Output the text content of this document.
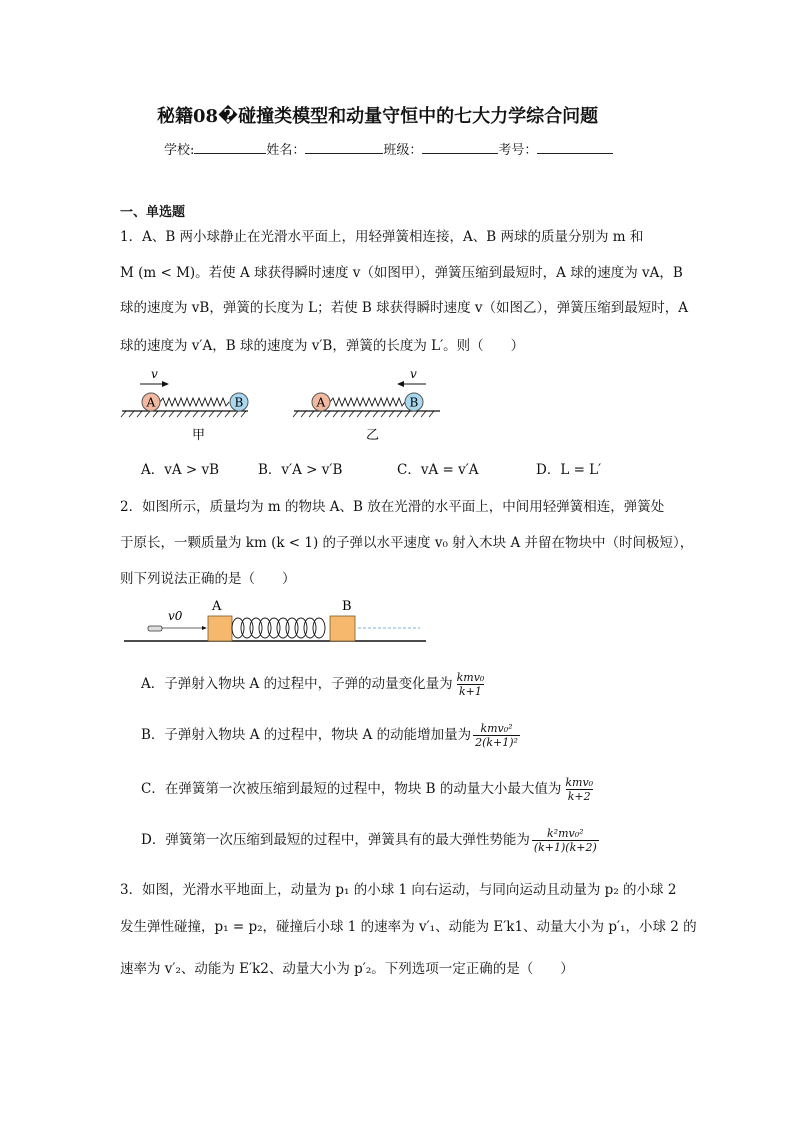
秘籍08�碰撞类模型和动量守恒中的七大力学综合问题
学校:	姓名：	班级：	考号：
一、单选题
1．A、B 两小球静止在光滑水平面上，用轻弹簧相连接，A、B 两球的质量分别为 m 和
M (m < M)。若使 A 球获得瞬时速度 v（如图甲），弹簧压缩到最短时，A 球的速度为 vA，B
球的速度为 vB，弹簧的长度为 L；若使 B 球获得瞬时速度 v（如图乙），弹簧压缩到最短时，A
球的速度为 v′A，B 球的速度为 v′B，弹簧的长度为 L′。则（　　）
v
A	B
甲
v
A	B
乙
A．vA > vB	B．v′A > v′B	C．vA = v′A	D．L = L′
2．如图所示，质量均为 m 的物块 A、B 放在光滑的水平面上，中间用轻弹簧相连，弹簧处
于原长，一颗质量为 km (k < 1) 的子弹以水平速度 v₀ 射入木块 A 并留在物块中（时间极短），
则下列说法正确的是（　　）
v0
A	B
A．子弹射入物块 A 的过程中，子弹的动量变化量为 $\frac{\text{kmv₀}}{k+1}$
B．子弹射入物块 A 的过程中，物块 A 的动能增加量为 $\frac{\text{kmv₀²}}{\text{2(k+1)²}}$
C．在弹簧第一次被压缩到最短的过程中，物块 B 的动量大小最大值为 $\frac{\text{kmv₀}}{k+2}$
D．弹簧第一次压缩到最短的过程中，弹簧具有的最大弹性势能为 $\frac{\text{k²mv₀²}}{(k+1)(k+2)}$
3．如图，光滑水平地面上，动量为 p₁ 的小球 1 向右运动，与同向运动且动量为 p₂ 的小球 2
发生弹性碰撞，p₁ = p₂，碰撞后小球 1 的速率为 v′₁、动能为 E′k1、动量大小为 p′₁，小球 2 的
速率为 v′₂、动能为 E′k2、动量大小为 p′₂。下列选项一定正确的是（　　）
